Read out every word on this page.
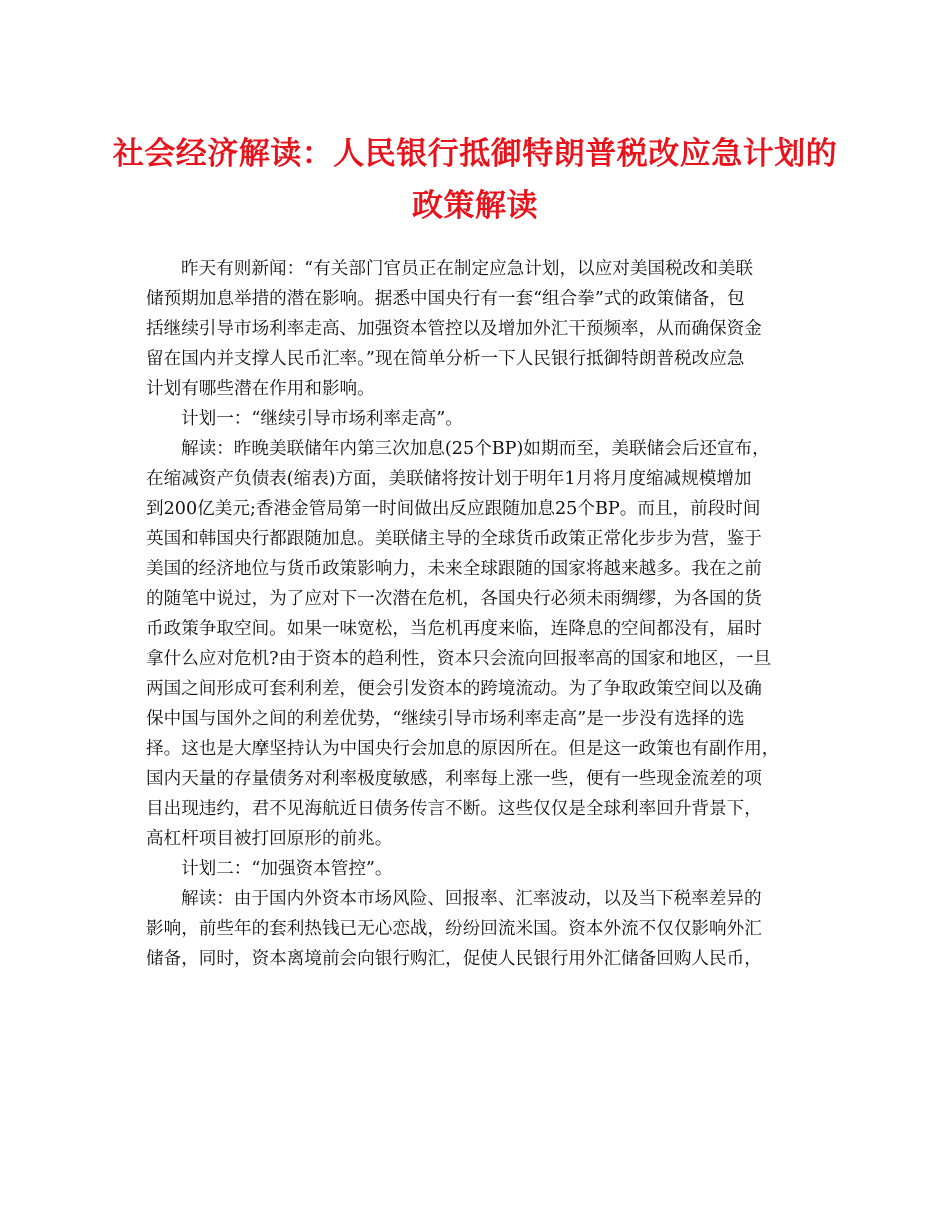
社会经济解读：人民银行抵御特朗普税改应急计划的
政策解读
昨天有则新闻：“有关部门官员正在制定应急计划，以应对美国税改和美联
储预期加息举措的潜在影响。据悉中国央行有一套“组合拳”式的政策储备，包
括继续引导市场利率走高、加强资本管控以及增加外汇干预频率，从而确保资金
留在国内并支撑人民币汇率。”现在简单分析一下人民银行抵御特朗普税改应急
计划有哪些潜在作用和影响。
计划一：“继续引导市场利率走高”。
解读：昨晚美联储年内第三次加息(25个BP)如期而至，美联储会后还宣布，
在缩减资产负债表(缩表)方面，美联储将按计划于明年1月将月度缩减规模增加
到200亿美元;香港金管局第一时间做出反应跟随加息25个BP。而且，前段时间
英国和韩国央行都跟随加息。美联储主导的全球货币政策正常化步步为营，鉴于
美国的经济地位与货币政策影响力，未来全球跟随的国家将越来越多。我在之前
的随笔中说过，为了应对下一次潜在危机，各国央行必须未雨绸缪，为各国的货
币政策争取空间。如果一味宽松，当危机再度来临，连降息的空间都没有，届时
拿什么应对危机?由于资本的趋利性，资本只会流向回报率高的国家和地区，一旦
两国之间形成可套利利差，便会引发资本的跨境流动。为了争取政策空间以及确
保中国与国外之间的利差优势，“继续引导市场利率走高”是一步没有选择的选
择。这也是大摩坚持认为中国央行会加息的原因所在。但是这一政策也有副作用，
国内天量的存量债务对利率极度敏感，利率每上涨一些，便有一些现金流差的项
目出现违约，君不见海航近日债务传言不断。这些仅仅是全球利率回升背景下，
高杠杆项目被打回原形的前兆。
计划二：“加强资本管控”。
解读：由于国内外资本市场风险、回报率、汇率波动，以及当下税率差异的
影响，前些年的套利热钱已无心恋战，纷纷回流米国。资本外流不仅仅影响外汇
储备，同时，资本离境前会向银行购汇，促使人民银行用外汇储备回购人民币，
